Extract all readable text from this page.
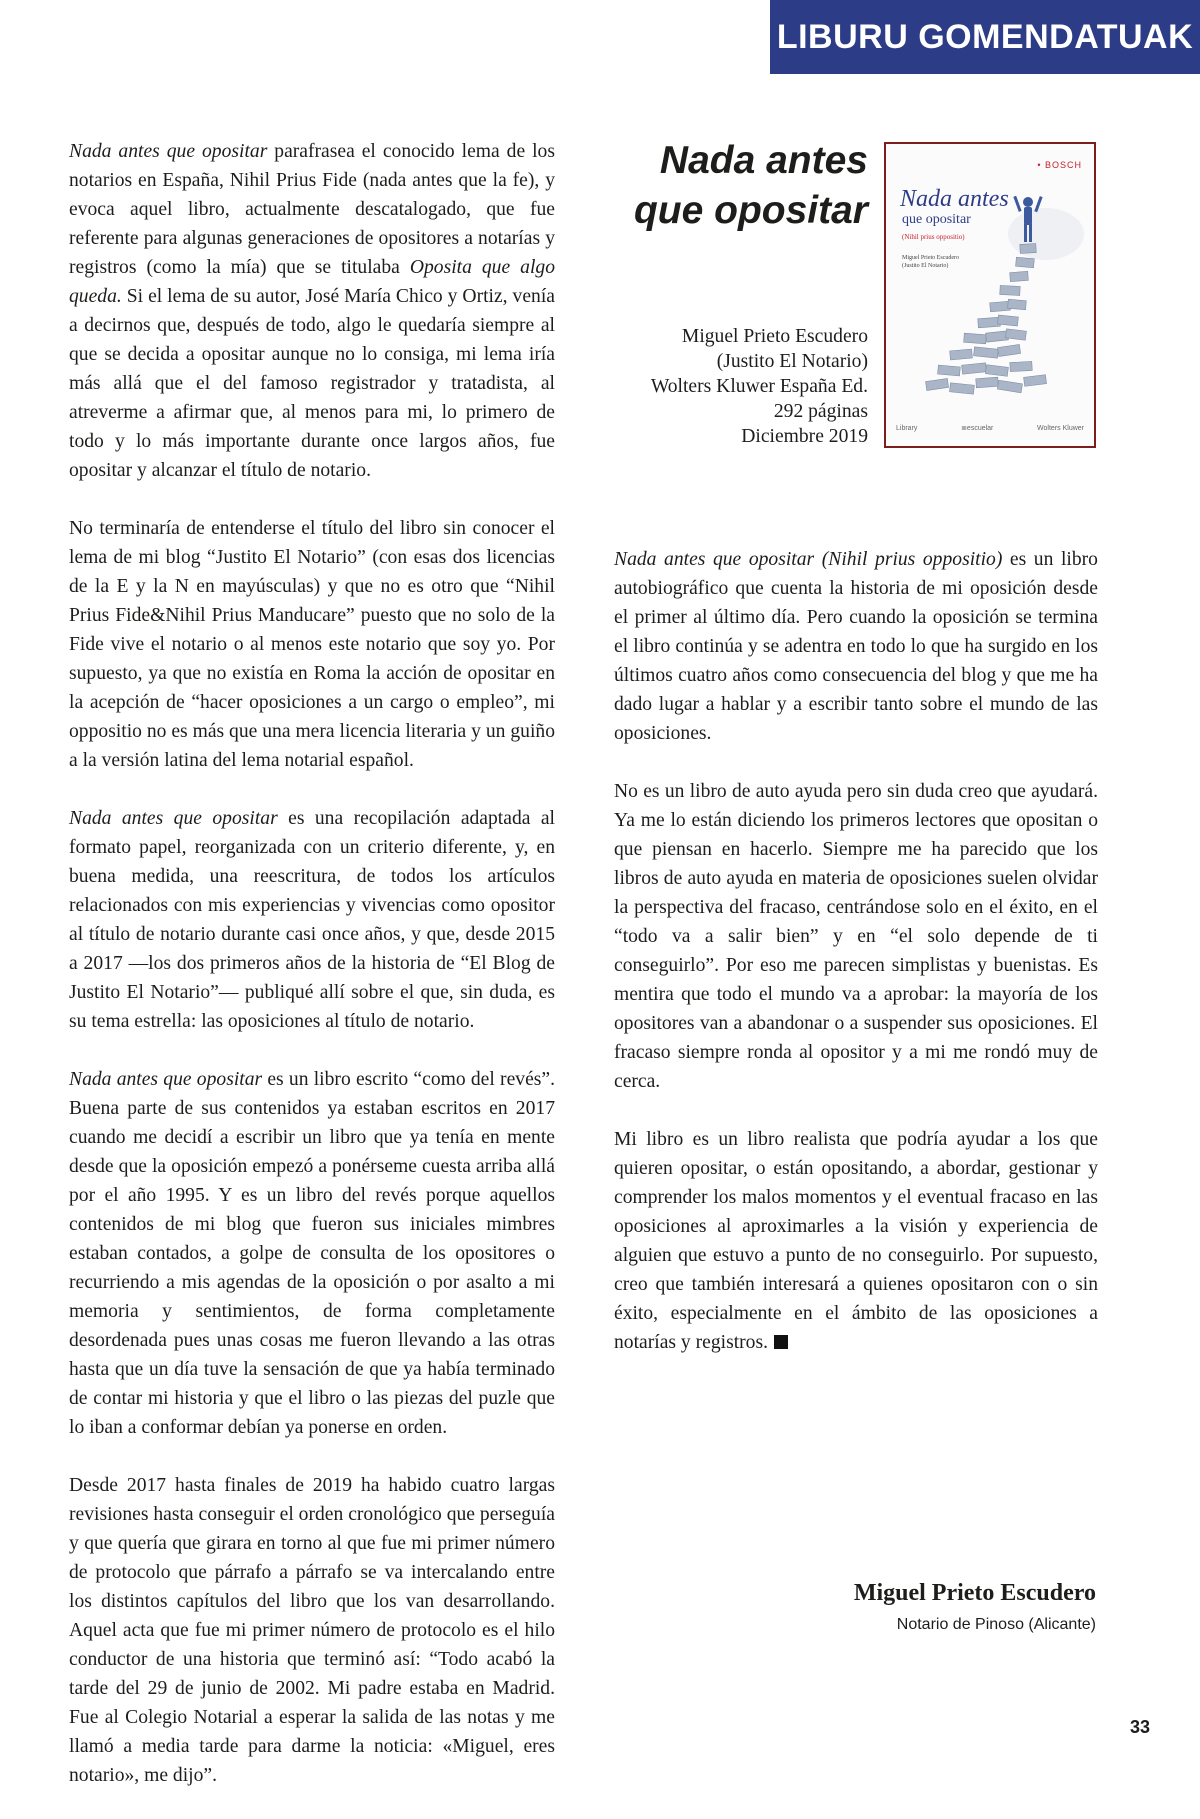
LIBURU GOMENDATUAK
Nada antes
que opositar
Miguel Prieto Escudero
(Justito El Notario)
Wolters Kluwer España Ed.
292 páginas
Diciembre 2019
• BOSCH
Nada antes
que opositar
(Nihil prius oppositio)
Miguel Prieto Escudero
(Justito El Notario)
Library	≣escuelar	Wolters Kluwer

Nada antes que opositar parafrasea el conocido lema de los notarios en España, Nihil Prius Fide (nada antes que la fe), y evoca aquel libro, actualmente descatalogado, que fue referente para algunas generaciones de opositores a notarías y registros (como la mía) que se titulaba Oposita que algo queda. Si el lema de su autor, José María Chico y Ortiz, venía a decirnos que, después de todo, algo le quedaría siempre al que se decida a opositar aunque no lo consiga, mi lema iría más allá que el del famoso registrador y tratadista, al atreverme a afirmar que, al menos para mi, lo primero de todo y lo más importante durante once largos años, fue opositar y alcanzar el título de notario.

No terminaría de entenderse el título del libro sin conocer el lema de mi blog “Justito El Notario” (con esas dos licencias de la E y la N en mayúsculas) y que no es otro que “Nihil Prius Fide&Nihil Prius Manducare” puesto que no solo de la Fide vive el notario o al menos este notario que soy yo. Por supuesto, ya que no existía en Roma la acción de opositar en la acepción de “hacer oposiciones a un cargo o empleo”, mi oppositio no es más que una mera licencia literaria y un guiño a la versión latina del lema notarial español.

Nada antes que opositar es una recopilación adaptada al formato papel, reorganizada con un criterio diferente, y, en buena medida, una reescritura, de todos los artículos relacionados con mis experiencias y vivencias como opositor al título de notario durante casi once años, y que, desde 2015 a 2017 —los dos primeros años de la historia de “El Blog de Justito El Notario”— publiqué allí sobre el que, sin duda, es su tema estrella: las oposiciones al título de notario.

Nada antes que opositar es un libro escrito “como del revés”. Buena parte de sus contenidos ya estaban escritos en 2017 cuando me decidí a escribir un libro que ya tenía en mente desde que la oposición empezó a ponérseme cuesta arriba allá por el año 1995. Y es un libro del revés porque aquellos contenidos de mi blog que fueron sus iniciales mimbres estaban contados, a golpe de consulta de los opositores o recurriendo a mis agendas de la oposición o por asalto a mi memoria y sentimientos, de forma completamente desordenada pues unas cosas me fueron llevando a las otras hasta que un día tuve la sensación de que ya había terminado de contar mi historia y que el libro o las piezas del puzle que lo iban a conformar debían ya ponerse en orden.

Desde 2017 hasta finales de 2019 ha habido cuatro largas revisiones hasta conseguir el orden cronológico que perseguía y que quería que girara en torno al que fue mi primer número de protocolo que párrafo a párrafo se va intercalando entre los distintos capítulos del libro que los van desarrollando. Aquel acta que fue mi primer número de protocolo es el hilo conductor de una historia que terminó así: “Todo acabó la tarde del 29 de junio de 2002. Mi padre estaba en Madrid. Fue al Colegio Notarial a esperar la salida de las notas y me llamó a media tarde para darme la noticia: «Miguel, eres notario», me dijo”.

Nada antes que opositar (Nihil prius oppositio) es un libro autobiográfico que cuenta la historia de mi oposición desde el primer al último día. Pero cuando la oposición se termina el libro continúa y se adentra en todo lo que ha surgido en los últimos cuatro años como consecuencia del blog y que me ha dado lugar a hablar y a escribir tanto sobre el mundo de las oposiciones.

No es un libro de auto ayuda pero sin duda creo que ayudará. Ya me lo están diciendo los primeros lectores que opositan o que piensan en hacerlo. Siempre me ha parecido que los libros de auto ayuda en materia de oposiciones suelen olvidar la perspectiva del fracaso, centrándose solo en el éxito, en el “todo va a salir bien” y en “el solo depende de ti conseguirlo”. Por eso me parecen simplistas y buenistas. Es mentira que todo el mundo va a aprobar: la mayoría de los opositores van a abandonar o a suspender sus oposiciones. El fracaso siempre ronda al opositor y a mi me rondó muy de cerca.

Mi libro es un libro realista que podría ayudar a los que quieren opositar, o están opositando, a abordar, gestionar y comprender los malos momentos y el eventual fracaso en las oposiciones al aproximarles a la visión y experiencia de alguien que estuvo a punto de no conseguirlo. Por supuesto, creo que también interesará a quienes opositaron con o sin éxito, especialmente en el ámbito de las oposiciones a notarías y registros.

Miguel Prieto Escudero
Notario de Pinoso (Alicante)
33
